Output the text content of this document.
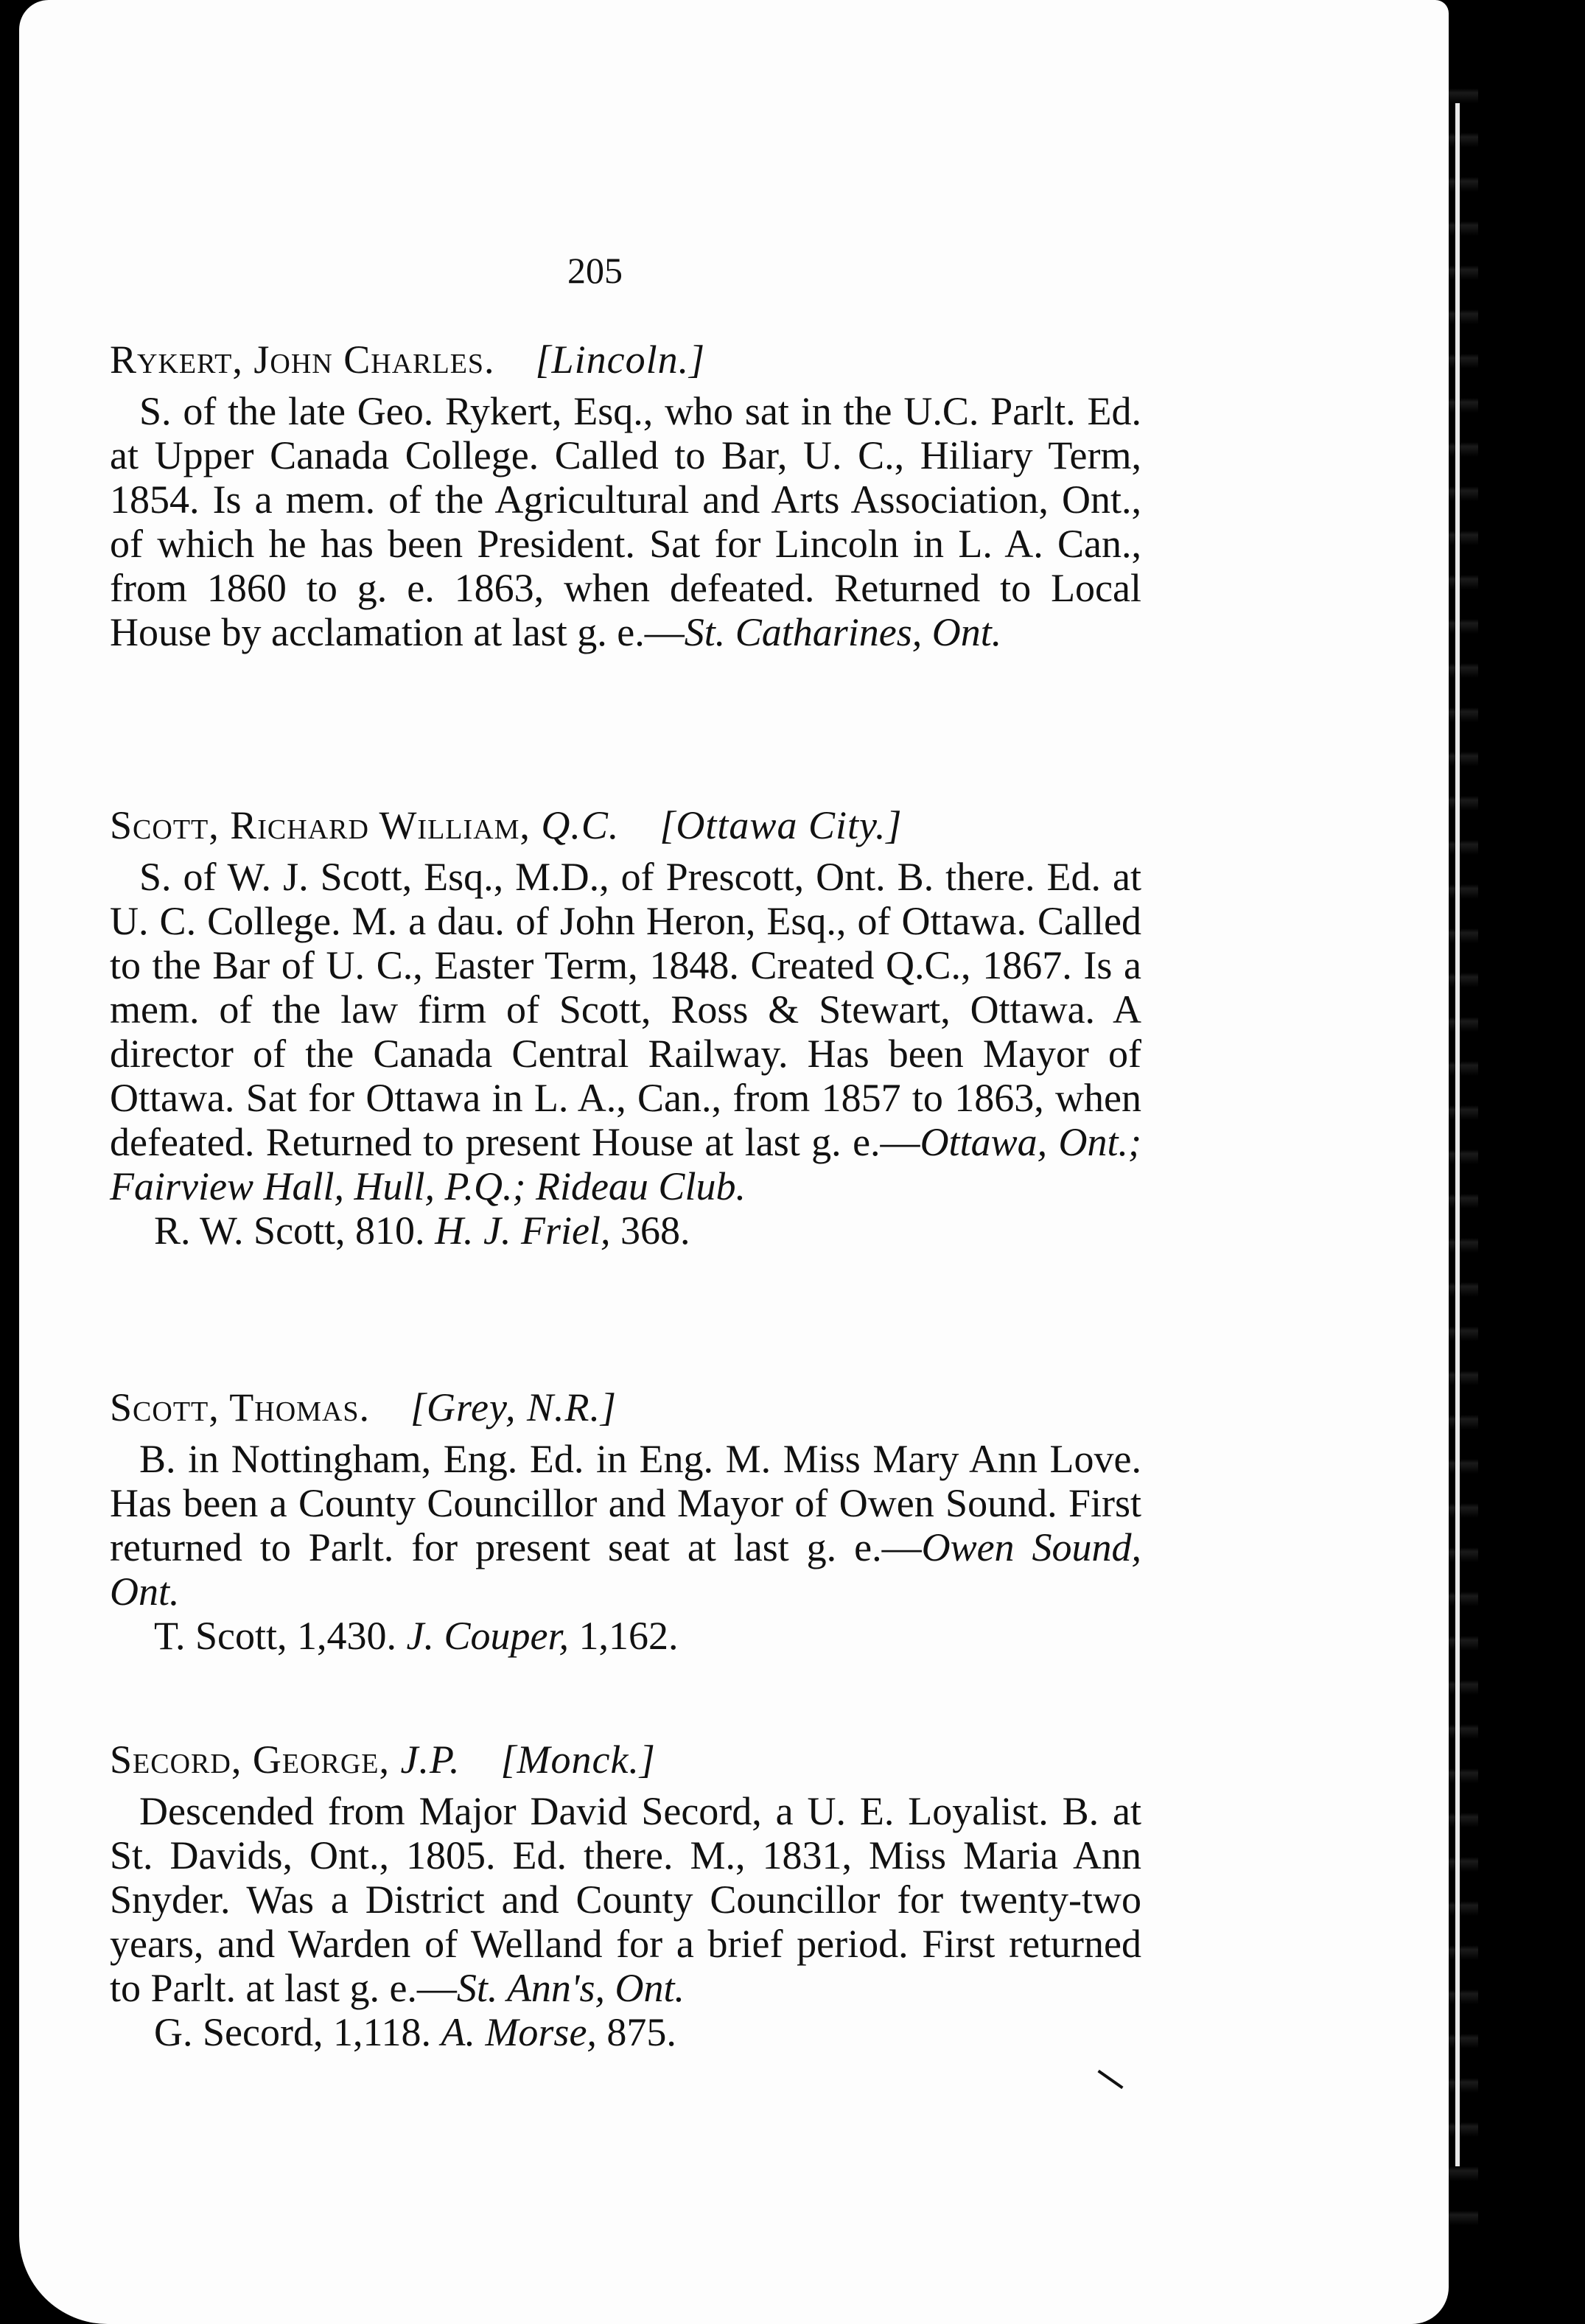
205
Rykert, John Charles. [Lincoln.]
S. of the late Geo. Rykert, Esq., who sat in the U.C. Parlt. Ed. at Upper Canada College. Called to Bar, U. C., Hiliary Term, 1854. Is a mem. of the Agricultural and Arts Association, Ont., of which he has been President. Sat for Lincoln in L. A. Can., from 1860 to g. e. 1863, when defeated. Returned to Local House by acclamation at last g. e.—St. Catharines, Ont.
Scott, Richard William, Q.C. [Ottawa City.]
S. of W. J. Scott, Esq., M.D., of Prescott, Ont. B. there. Ed. at U. C. College. M. a dau. of John Heron, Esq., of Ottawa. Called to the Bar of U. C., Easter Term, 1848. Created Q.C., 1867. Is a mem. of the law firm of Scott, Ross & Stewart, Ottawa. A director of the Canada Central Railway. Has been Mayor of Ottawa. Sat for Ottawa in L. A., Can., from 1857 to 1863, when defeated. Returned to present House at last g. e.—Ottawa, Ont.; Fairview Hall, Hull, P.Q.; Rideau Club.
R. W. Scott, 810. H. J. Friel, 368.
Scott, Thomas. [Grey, N.R.]
B. in Nottingham, Eng. Ed. in Eng. M. Miss Mary Ann Love. Has been a County Councillor and Mayor of Owen Sound. First returned to Parlt. for present seat at last g. e.—Owen Sound, Ont.
T. Scott, 1,430. J. Couper, 1,162.
Secord, George, J.P. [Monck.]
Descended from Major David Secord, a U. E. Loyalist. B. at St. Davids, Ont., 1805. Ed. there. M., 1831, Miss Maria Ann Snyder. Was a District and County Councillor for twenty-two years, and Warden of Welland for a brief period. First returned to Parlt. at last g. e.—St. Ann's, Ont.
G. Secord, 1,118. A. Morse, 875.
